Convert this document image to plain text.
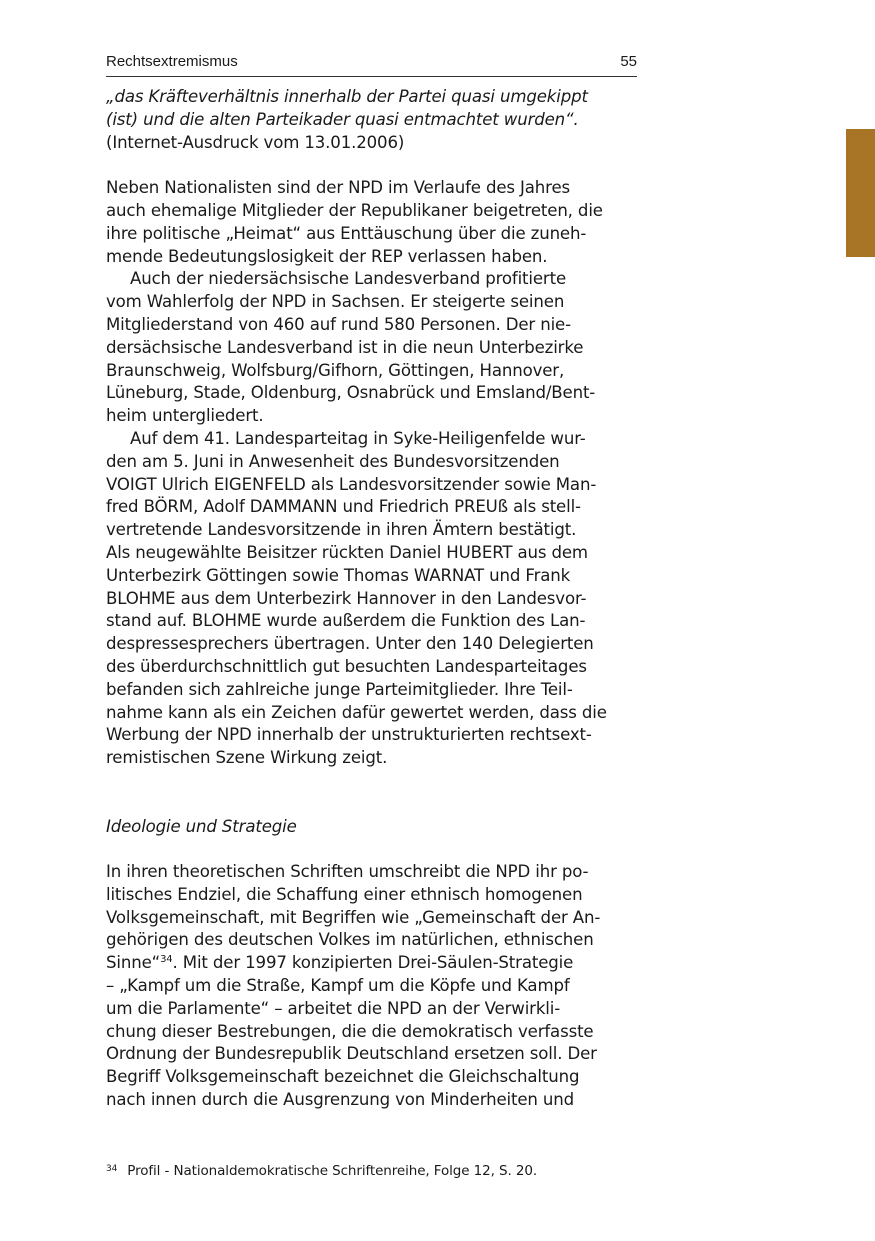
Rechtsextremismus	55
„das Kräfteverhältnis innerhalb der Partei quasi umgekippt
(ist) und die alten Parteikader quasi entmachtet wurden“.
(Internet-Ausdruck vom 13.01.2006)
Neben Nationalisten sind der NPD im Verlaufe des Jahres
auch ehemalige Mitglieder der Republikaner beigetreten, die
ihre politische „Heimat“ aus Enttäuschung über die zuneh-
mende Bedeutungslosigkeit der REP verlassen haben.
Auch der niedersächsische Landesverband profitierte
vom Wahlerfolg der NPD in Sachsen. Er steigerte seinen
Mitgliederstand von 460 auf rund 580 Personen. Der nie-
dersächsische Landesverband ist in die neun Unterbezirke
Braunschweig, Wolfsburg/Gifhorn, Göttingen, Hannover,
Lüneburg, Stade, Oldenburg, Osnabrück und Emsland/Bent-
heim untergliedert.
Auf dem 41. Landesparteitag in Syke-Heiligenfelde wur-
den am 5. Juni in Anwesenheit des Bundesvorsitzenden
VOIGT Ulrich EIGENFELD als Landesvorsitzender sowie Man-
fred BÖRM, Adolf DAMMANN und Friedrich PREUß als stell-
vertretende Landesvorsitzende in ihren Ämtern bestätigt.
Als neugewählte Beisitzer rückten Daniel HUBERT aus dem
Unterbezirk Göttingen sowie Thomas WARNAT und Frank
BLOHME aus dem Unterbezirk Hannover in den Landesvor-
stand auf. BLOHME wurde außerdem die Funktion des Lan-
despressesprechers übertragen. Unter den 140 Delegierten
des überdurchschnittlich gut besuchten Landesparteitages
befanden sich zahlreiche junge Parteimitglieder. Ihre Teil-
nahme kann als ein Zeichen dafür gewertet werden, dass die
Werbung der NPD innerhalb der unstrukturierten rechtsext-
remistischen Szene Wirkung zeigt.
Ideologie und Strategie
In ihren theoretischen Schriften umschreibt die NPD ihr po-
litisches Endziel, die Schaffung einer ethnisch homogenen
Volksgemeinschaft, mit Begriffen wie „Gemeinschaft der An-
gehörigen des deutschen Volkes im natürlichen, ethnischen
Sinne“$^{34}$. Mit der 1997 konzipierten Drei-Säulen-Strategie
– „Kampf um die Straße, Kampf um die Köpfe und Kampf
um die Parlamente“ – arbeitet die NPD an der Verwirkli-
chung dieser Bestrebungen, die die demokratisch verfasste
Ordnung der Bundesrepublik Deutschland ersetzen soll. Der
Begriff Volksgemeinschaft bezeichnet die Gleichschaltung
nach innen durch die Ausgrenzung von Minderheiten und
$^{34}$ Profil - Nationaldemokratische Schriftenreihe, Folge 12, S. 20.
